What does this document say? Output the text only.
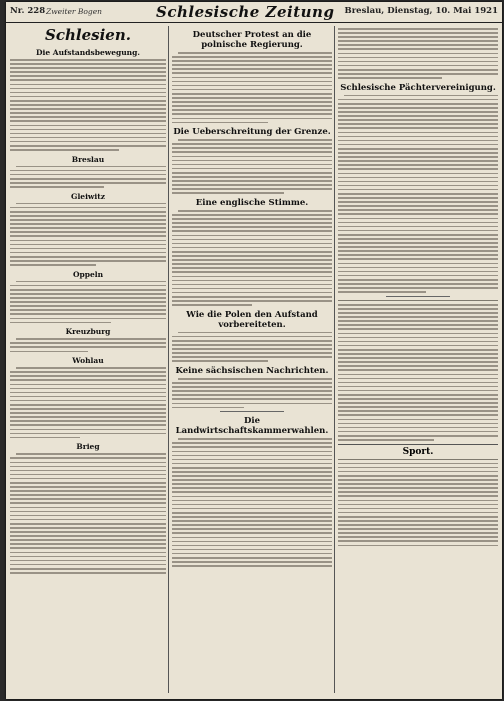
Nr. 228 Zweiter Bogen	Schlesische Zeitung Breslau, Dienstag, 10. Mai 1921
Schlesien.
Die Aufstandsbewegung.
Breslau
Gleiwitz
Oppeln
Kreuzburg
Wohlau
Brieg
Deutscher Protest an die polnische Regierung.
Die Ueberschreitung der Grenze.
Eine englische Stimme.
Wie die Polen den Aufstand vorbereiteten.
Keine sächsischen Nachrichten.
Die Landwirtschaftskammerwahlen.
Schlesische Pächtervereinigung.
Sport.
